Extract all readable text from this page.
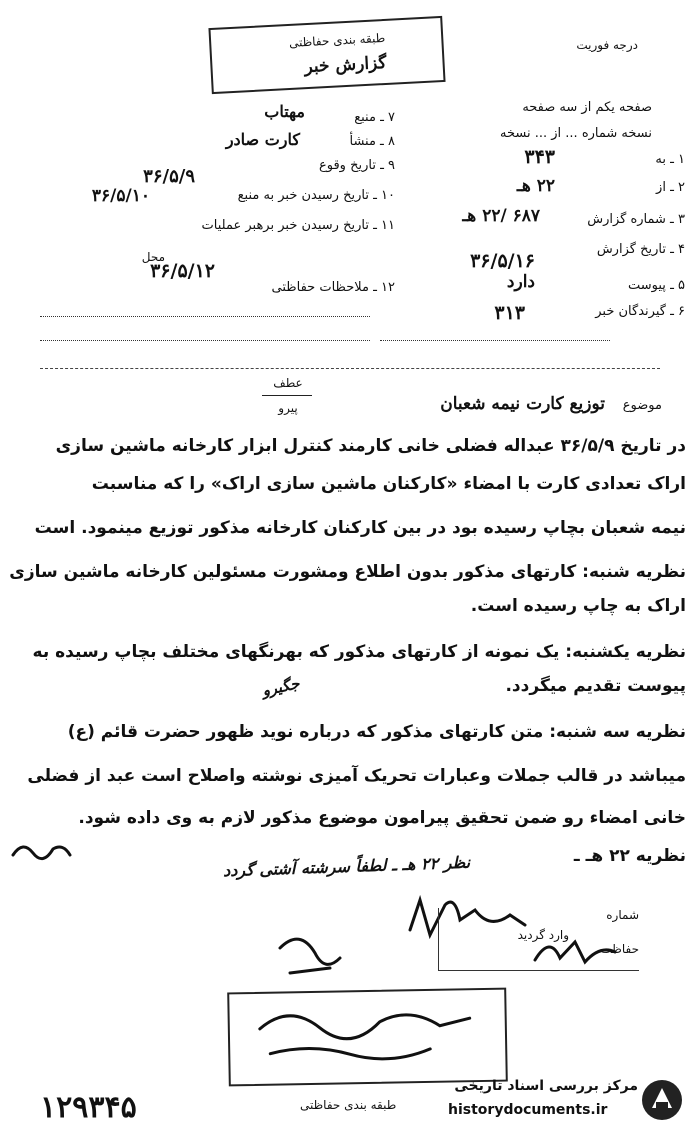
درجه فوریت
طبقه بندی حفاظتی
گزارش خبر
صفحه یکم از سه صفحه
نسخه شماره ... از ... نسخه
۱ ـ به
۳۴۳
۲ ـ از
۲۲ هـ
۳ ـ شماره گزارش
۶۸۷ /۲۲ هـ
۴ ـ تاریخ گزارش
۳۶/۵/۱۶
۵ ـ پیوست
دارد
۶ ـ گیرندگان خبر
۳۱۳
۷ ـ منبع
مهتاب
۸ ـ منشأ
کارت صادر
۹ ـ تاریخ وقوع
۳۶/۵/۹
۱۰ ـ تاریخ رسیدن خبر به منبع
۳۶/۵/۱۰
۱۱ ـ تاریخ رسیدن خبر برهبر عملیات
محل
۳۶/۵/۱۲
۱۲ ـ ملاحظات حفاظتی
عطف
پیرو	موضوع
توزیع کارت نیمه شعبان
در تاریخ ۳۶/۵/۹ عبداله فضلی خانی کارمند کنترل ابزار کارخانه ماشین سازی
اراک تعدادی کارت با امضاء «کارکنان ماشین سازی اراک» را که مناسبت
نیمه شعبان بچاپ رسیده بود در بین کارکنان کارخانه مذکور توزیع مینمود. است
نظریه شنبه: کارتهای مذکور بدون اطلاع ومشورت مسئولین کارخانه ماشین سازی
اراک به چاپ رسیده است.
نظریه یکشنبه: یک نمونه از کارتهای مذکور که بهرنگهای مختلف بچاپ رسیده به
پیوست تقدیم میگردد.
نظریه سه شنبه: متن کارتهای مذکور که درباره نوید ظهور حضرت قائم (ع)
میباشد در قالب جملات وعبارات تحریک آمیزی نوشته واصلاح است عبد از فضلی
خانی امضاء رو ضمن تحقیق پیرامون موضوع مذکور لازم به وی داده شود.
نظریه ۲۲ هـ ـ
نظر ۲۲ هـ ـ لطفاً سرشته آشتی گردد
جگیرو
شماره
وارد گردید
حفاظت
طبقه بندی حفاظتی
۱۲۹۳۴۵
مرکز بررسی اسناد تاریخی
historydocuments.ir
